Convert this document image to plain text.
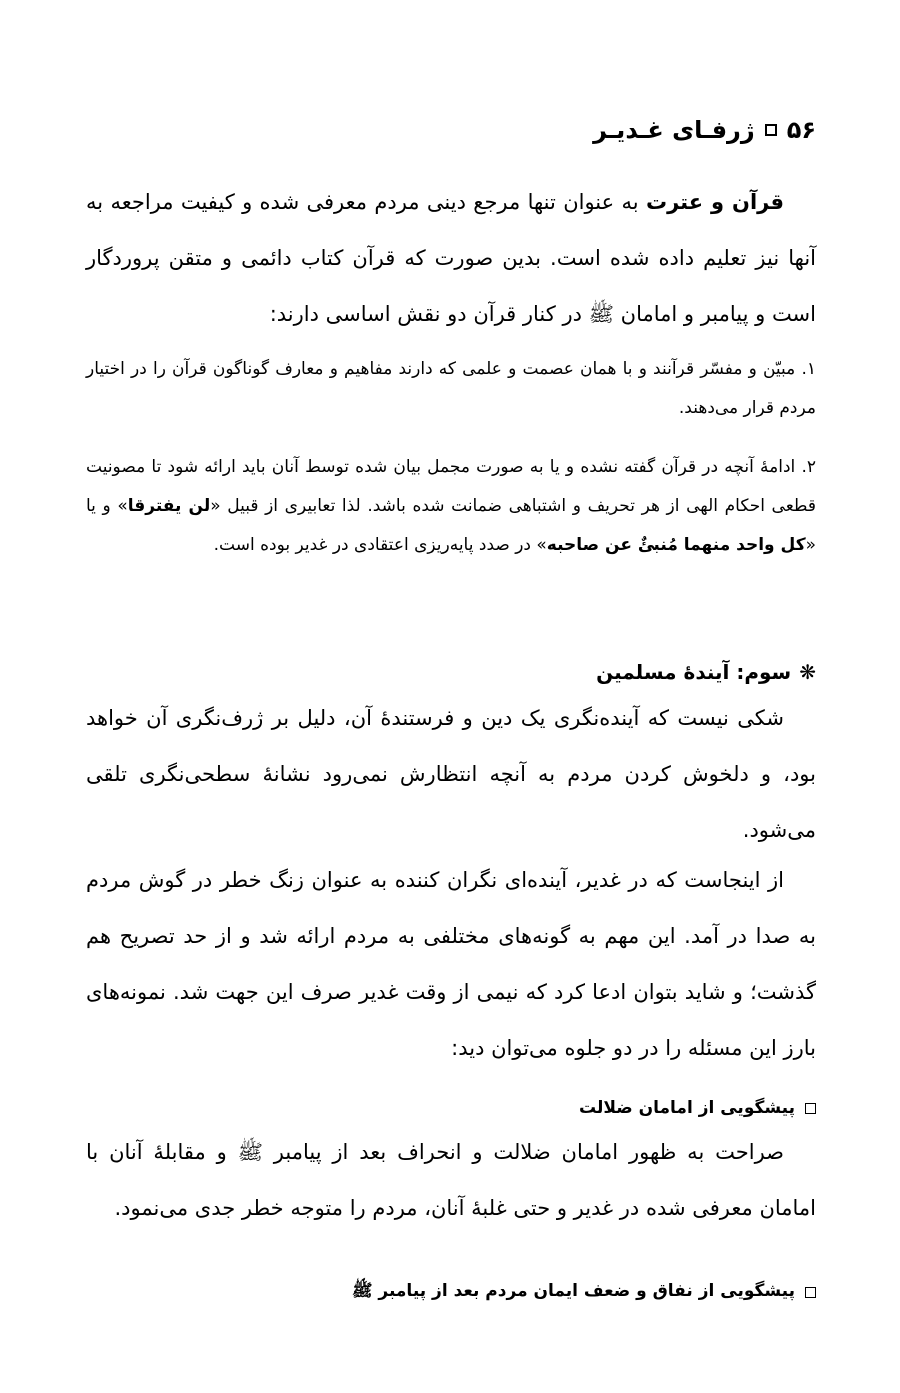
۵۶
ژرفـای غـدیـر
قرآن و عترت به عنوان تنها مرجع دینی مردم معرفی شده و کیفیت مراجعه به آنها نیز تعلیم داده شده است. بدین صورت که قرآن کتاب دائمی و متقن پروردگار است و پیامبر و امامان ﷺ در کنار قرآن دو نقش اساسی دارند:
۱. مبیّن و مفسّر قرآنند و با همان عصمت و علمی که دارند مفاهیم و معارف گوناگون قرآن را در اختیار مردم قرار می‌دهند.
۲. ادامهٔ آنچه در قرآن گفته نشده و یا به صورت مجمل بیان شده توسط آنان باید ارائه شود تا مصونیت قطعی احکام الهی از هر تحریف و اشتباهی ضمانت شده باشد. لذا تعابیری از قبیل «لن یفترقا» و یا «کل واحد منهما مُنبئٌ عن صاحبه» در صدد پایه‌ریزی اعتقادی در غدیر بوده است.
❋
سوم: آیندهٔ مسلمین
شکی نیست که آینده‌نگری یک دین و فرستندهٔ آن، دلیل بر ژرف‌نگری آن خواهد بود، و دلخوش کردن مردم به آنچه انتظارش نمی‌رود نشانهٔ سطحی‌نگری تلقی می‌شود.
از اینجاست که در غدیر، آینده‌ای نگران کننده به عنوان زنگ خطر در گوش مردم به صدا در آمد. این مهم به گونه‌های مختلفی به مردم ارائه شد و از حد تصریح هم گذشت؛ و شاید بتوان ادعا کرد که نیمی از وقت غدیر صرف این جهت شد. نمونه‌های بارز این مسئله را در دو جلوه می‌توان دید:
پیشگویی از امامان ضلالت
صراحت به ظهور امامان ضلالت و انحراف بعد از پیامبر ﷺ و مقابلهٔ آنان با امامان معرفی شده در غدیر و حتی غلبهٔ آنان، مردم را متوجه خطر جدی می‌نمود.
پیشگویی از نفاق و ضعف ایمان مردم بعد از پیامبر ﷺ
